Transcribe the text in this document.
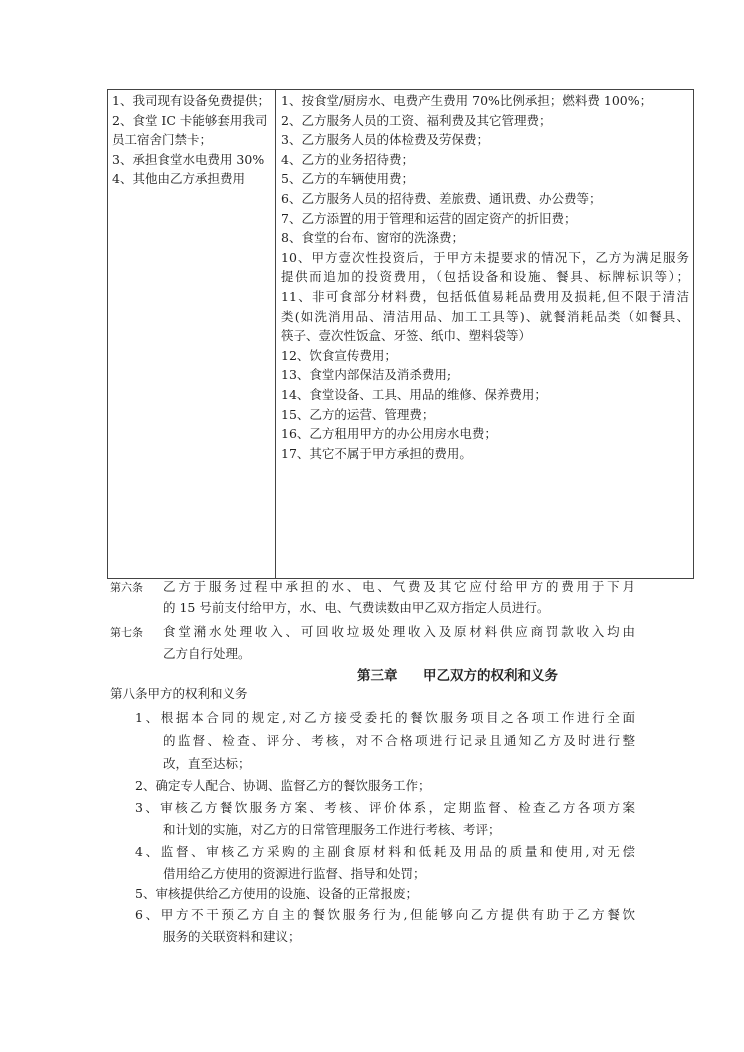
1、我司现有设备免费提供；
2、食堂 IC 卡能够套用我司
员工宿舍门禁卡；
3、承担食堂水电费用 30%
4、其他由乙方承担费用
1、按食堂/厨房水、电费产生费用 70%比例承担；燃料费 100%；
2、乙方服务人员的工资、福利费及其它管理费；
3、乙方服务人员的体检费及劳保费；
4、乙方的业务招待费；
5、乙方的车辆使用费；
6、乙方服务人员的招待费、差旅费、通讯费、办公费等；
7、乙方添置的用于管理和运营的固定资产的折旧费；
8、食堂的台布、窗帘的洗涤费；
10、甲方壹次性投资后，于甲方未提要求的情况下，乙方为满足服务
提供而追加的投资费用，（包括设备和设施、餐具、标牌标识等）；
11、非可食部分材料费，包括低值易耗品费用及损耗,但不限于清洁
类(如洗消用品、清洁用品、加工工具等)、就餐消耗品类（如餐具、
筷子、壹次性饭盒、牙签、纸巾、塑料袋等）
12、饮食宣传费用；
13、食堂内部保洁及消杀费用;
14、食堂设备、工具、用品的维修、保养费用；
15、乙方的运营、管理费；
16、乙方租用甲方的办公用房水电费；
17、其它不属于甲方承担的费用。
第六条 乙方于服务过程中承担的水、电、气费及其它应付给甲方的费用于下月
的 15 号前支付给甲方，水、电、气费读数由甲乙双方指定人员进行。
第七条 食堂潲水处理收入、可回收垃圾处理收入及原材料供应商罚款收入均由
乙方自行处理。
第三章 甲乙双方的权利和义务
第八条甲方的权利和义务
1、根据本合同的规定,对乙方接受委托的餐饮服务项目之各项工作进行全面
的监督、检查、评分、考核，对不合格项进行记录且通知乙方及时进行整
改，直至达标；
2、确定专人配合、协调、监督乙方的餐饮服务工作；
3、审核乙方餐饮服务方案、考核、评价体系，定期监督、检查乙方各项方案
和计划的实施，对乙方的日常管理服务工作进行考核、考评；
4、监督、审核乙方采购的主副食原材料和低耗及用品的质量和使用,对无偿
借用给乙方使用的资源进行监督、指导和处罚；
5、审核提供给乙方使用的设施、设备的正常报废；
6、甲方不干预乙方自主的餐饮服务行为,但能够向乙方提供有助于乙方餐饮
服务的关联资料和建议；
